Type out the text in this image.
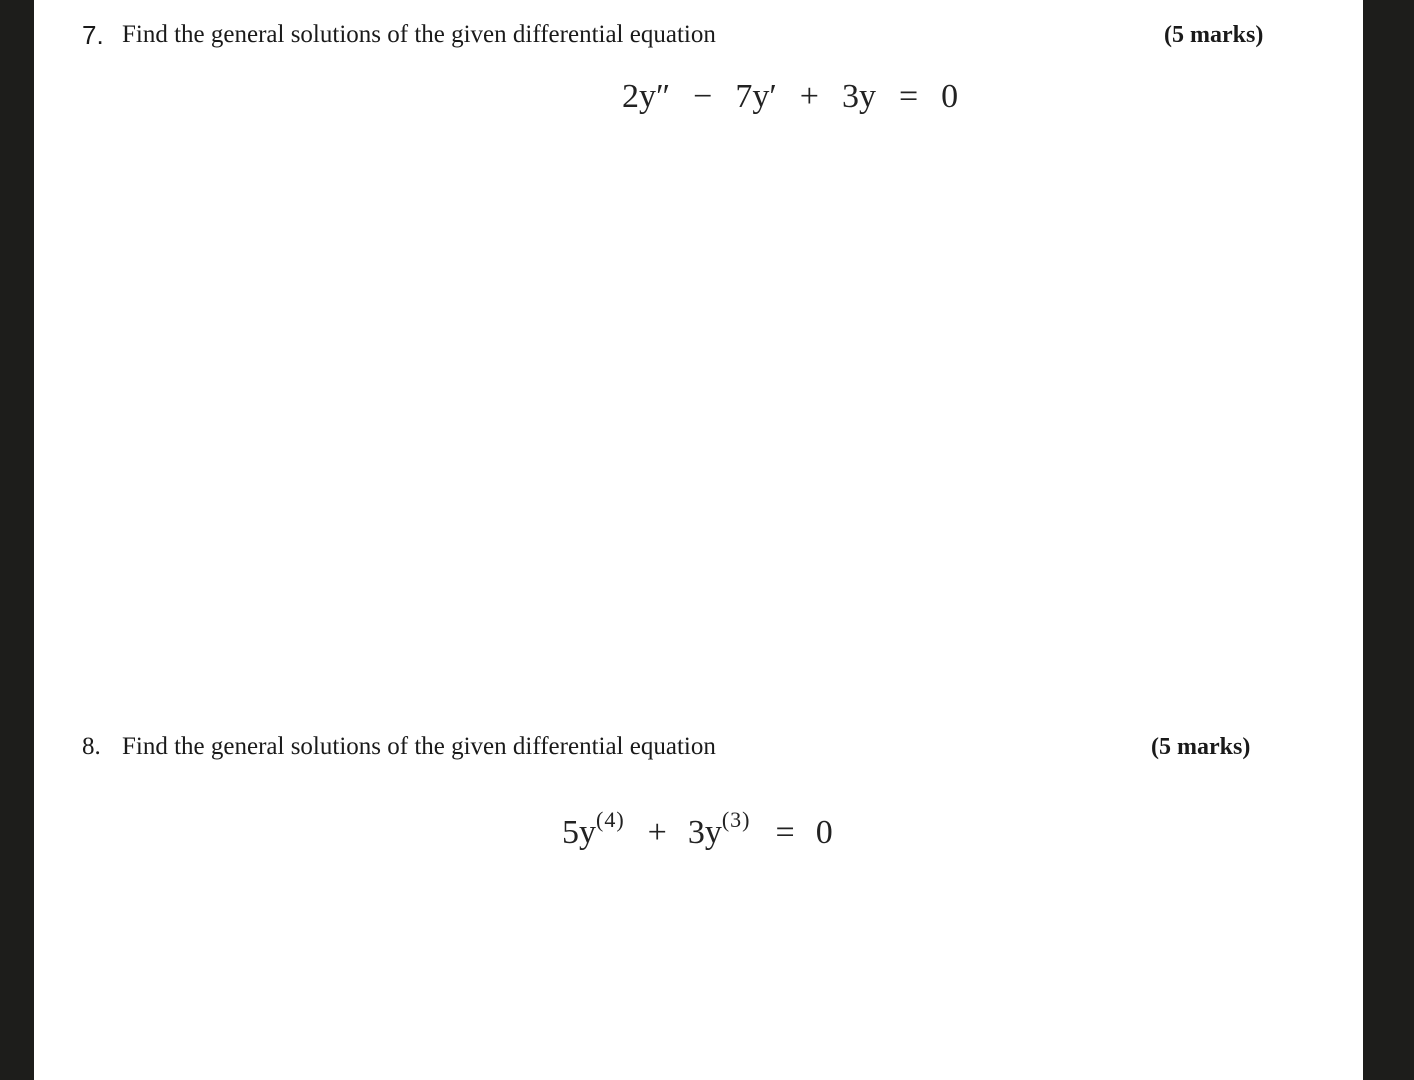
7. Find the general solutions of the given differential equation	(5 marks)
2y″ − 7y′ + 3y = 0
8. Find the general solutions of the given differential equation	(5 marks)
$5y^{(4)} + 3y^{(3)} = 0$
